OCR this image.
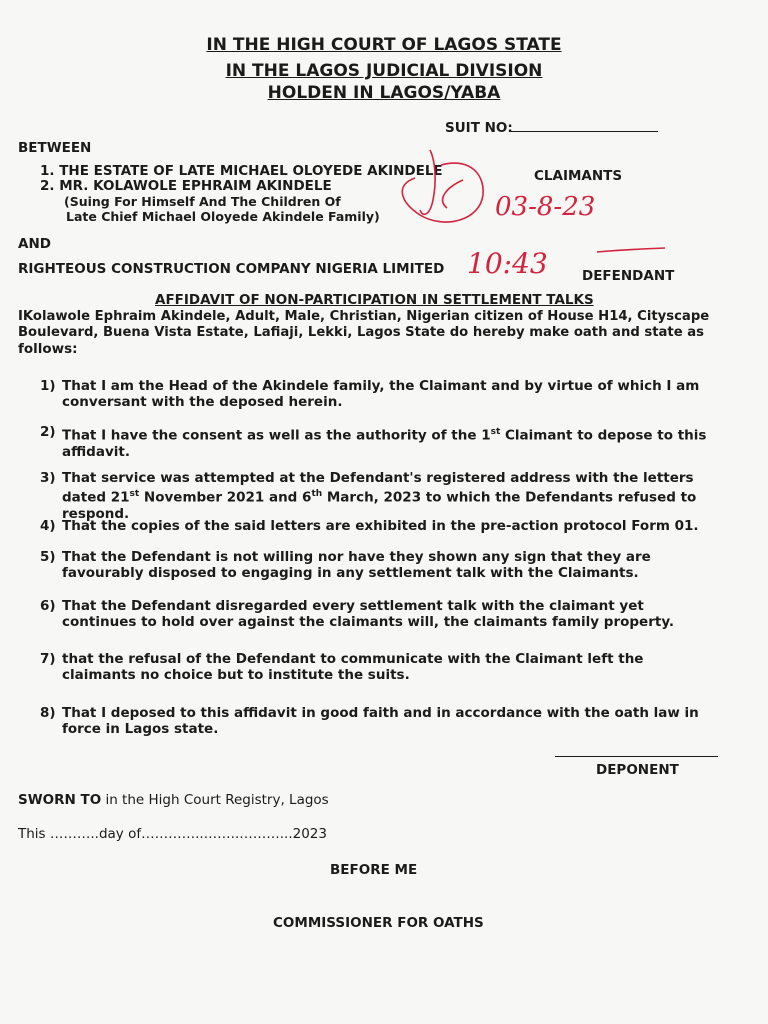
IN THE HIGH COURT OF LAGOS STATE
IN THE LAGOS JUDICIAL DIVISION
HOLDEN IN LAGOS/YABA
SUIT NO:
BETWEEN
1. THE ESTATE OF LATE MICHAEL OLOYEDE AKINDELE
2. MR. KOLAWOLE EPHRAIM AKINDELE
(Suing For Himself And The Children Of
Late Chief Michael Oloyede Akindele Family)
CLAIMANTS
AND
RIGHTEOUS CONSTRUCTION COMPANY NIGERIA LIMITED	DEFENDANT
AFFIDAVIT OF NON-PARTICIPATION IN SETTLEMENT TALKS
IKolawole Ephraim Akindele, Adult, Male, Christian, Nigerian citizen of House H14, Cityscape
Boulevard, Buena Vista Estate, Lafiaji, Lekki, Lagos State do hereby make oath and state as
follows:
1) That I am the Head of the Akindele family, the Claimant and by virtue of which I am conversant with the deposed herein.
2) That I have the consent as well as the authority of the 1st Claimant to depose to this affidavit.
3) That service was attempted at the Defendant's registered address with the letters dated 21st November 2021 and 6th March, 2023 to which the Defendants refused to respond.
4) That the copies of the said letters are exhibited in the pre-action protocol Form 01.
5) That the Defendant is not willing nor have they shown any sign that they are favourably disposed to engaging in any settlement talk with the Claimants.
6) That the Defendant disregarded every settlement talk with the claimant yet continues to hold over against the claimants will, the claimants family property.
7) that the refusal of the Defendant to communicate with the Claimant left the claimants no choice but to institute the suits.
8) That I deposed to this affidavit in good faith and in accordance with the oath law in force in Lagos state.
DEPONENT
SWORN TO in the High Court Registry, Lagos
This ………..day of…………..……..………...2023
BEFORE ME
COMMISSIONER FOR OATHS
03-8-23
10:43
